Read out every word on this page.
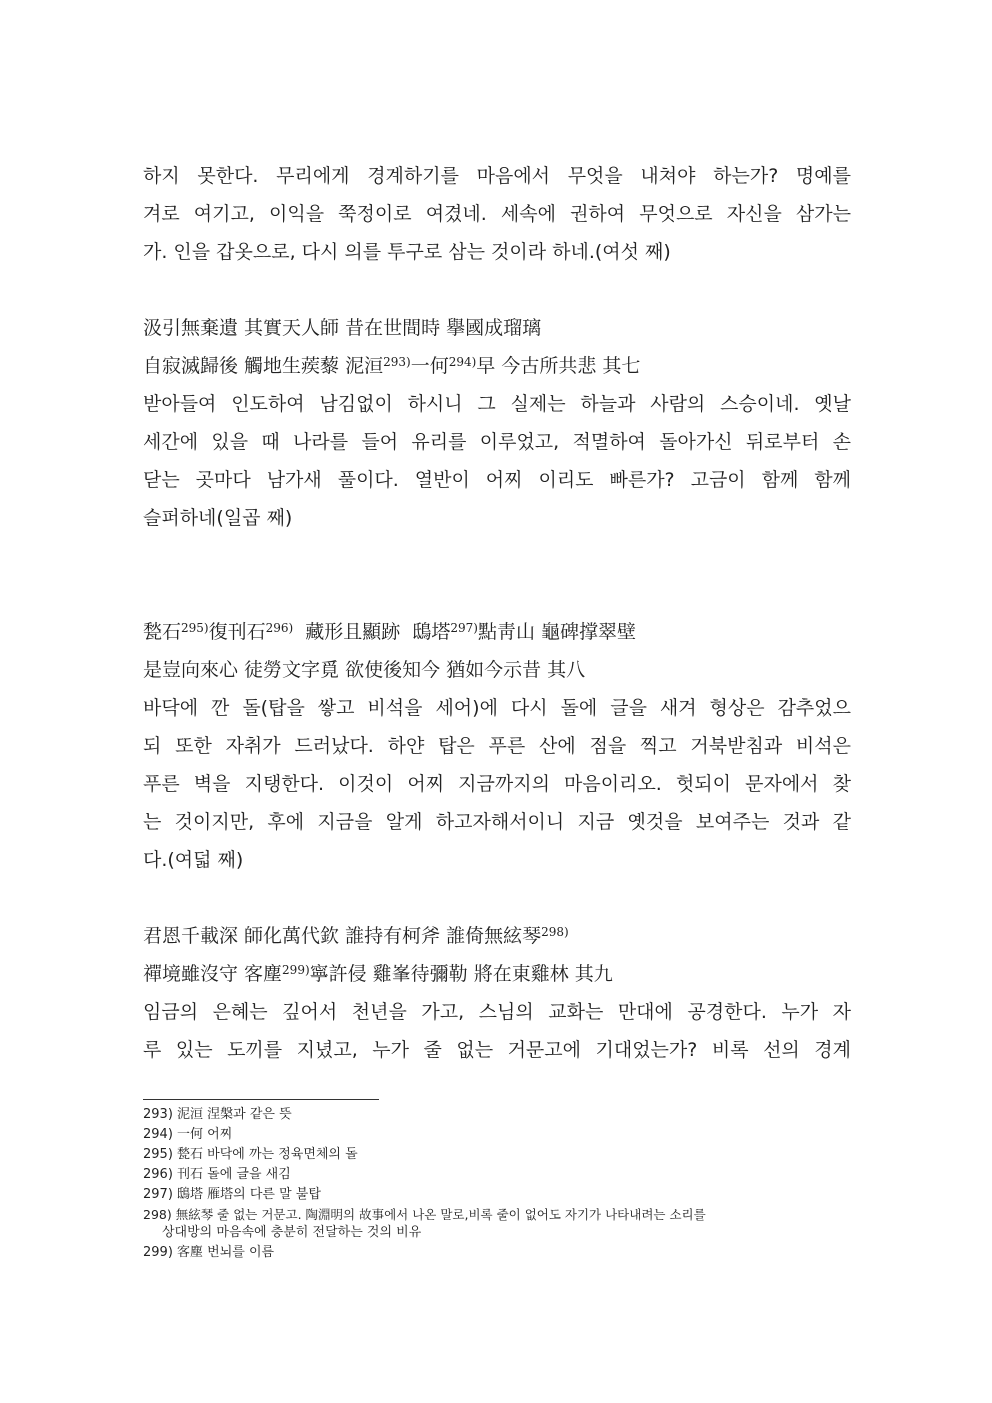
하지 못한다. 무리에게 경계하기를 마음에서 무엇을 내쳐야 하는가? 명예를
겨로 여기고, 이익을 쭉정이로 여겼네. 세속에 권하여 무엇으로 자신을 삼가는
가. 인을 갑옷으로, 다시 의를 투구로 삼는 것이라 하네.(여섯 째)
汲引無棄遺 其實天人師 昔在世間時 擧國成瑠璃
自寂滅歸後 觸地生蒺藜 泥洹$^{293)}$一何$^{294)}$早 今古所共悲 其七
받아들여 인도하여 남김없이 하시니 그 실제는 하늘과 사람의 스승이네. 옛날
세간에 있을 때 나라를 들어 유리를 이루었고, 적멸하여 돌아가신 뒤로부터 손
닫는 곳마다 남가새 풀이다. 열반이 어찌 이리도 빠른가? 고금이 함께 함께
슬퍼하네(일곱 째)
甃石$^{295)}$復刊石$^{296)}$  藏形且顯跡  鴟塔$^{297)}$點靑山 龜碑撑翠壁
是豈向來心 徒勞文字覓 欲使後知今 猶如今示昔 其八
바닥에 깐 돌(탑을 쌓고 비석을 세어)에 다시 돌에 글을 새겨 형상은 감추었으
되 또한 자취가 드러났다. 하얀 탑은 푸른 산에 점을 찍고 거북받침과 비석은
푸른 벽을 지탱한다. 이것이 어찌 지금까지의 마음이리오. 헛되이 문자에서 찾
는 것이지만, 후에 지금을 알게 하고자해서이니 지금 옛것을 보여주는 것과 같
다.(여덟 째)
君恩千載深 師化萬代欽 誰持有柯斧 誰倚無絃琴$^{298)}$
禪境雖沒守 客塵$^{299)}$寧許侵 雞峯待彌勒 將在東雞林 其九
임금의 은혜는 깊어서 천년을 가고, 스님의 교화는 만대에 공경한다. 누가 자
루 있는 도끼를 지녔고, 누가 줄 없는 거문고에 기대었는가? 비록 선의 경계
293) 泥洹 涅槃과 같은 뜻
294) 一何 어찌
295) 甃石 바닥에 까는 정육면체의 돌
296) 刊石 돌에 글을 새김
297) 鴟塔 雁塔의 다른 말 불탑
298) 無絃琴 줄 없는 거문고. 陶淵明의 故事에서 나온 말로,비록 줄이 없어도 자기가 나타내려는 소리를
상대방의 마음속에 충분히 전달하는 것의 비유
299) 客塵 번뇌를 이름
